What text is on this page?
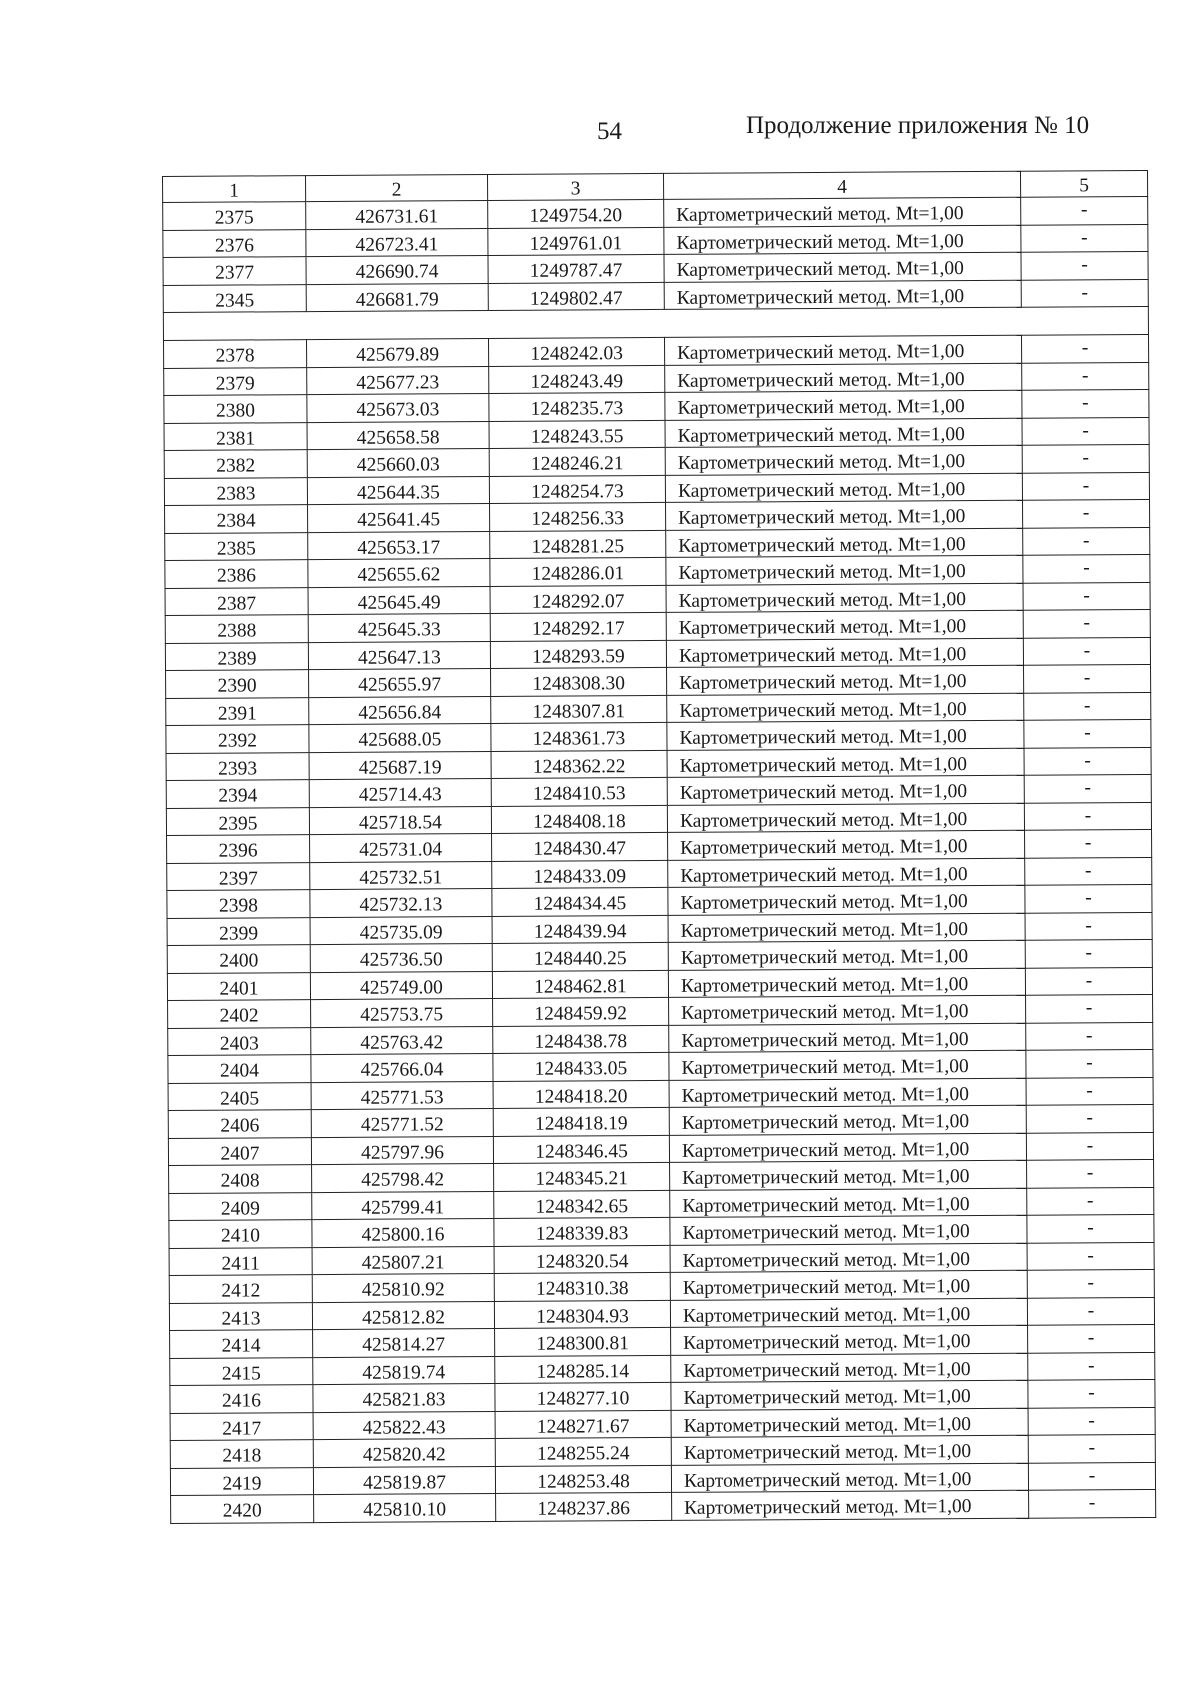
54	Продолжение приложения № 10
1	2	3	4	5
2375	426731.61	1249754.20	Картометрический метод. Mt=1,00	-
2376	426723.41	1249761.01	Картометрический метод. Mt=1,00	-
2377	426690.74	1249787.47	Картометрический метод. Mt=1,00	-
2345	426681.79	1249802.47	Картометрический метод. Mt=1,00	-

2378	425679.89	1248242.03	Картометрический метод. Mt=1,00	-
2379	425677.23	1248243.49	Картометрический метод. Mt=1,00	-
2380	425673.03	1248235.73	Картометрический метод. Mt=1,00	-
2381	425658.58	1248243.55	Картометрический метод. Mt=1,00	-
2382	425660.03	1248246.21	Картометрический метод. Mt=1,00	-
2383	425644.35	1248254.73	Картометрический метод. Mt=1,00	-
2384	425641.45	1248256.33	Картометрический метод. Mt=1,00	-
2385	425653.17	1248281.25	Картометрический метод. Mt=1,00	-
2386	425655.62	1248286.01	Картометрический метод. Mt=1,00	-
2387	425645.49	1248292.07	Картометрический метод. Mt=1,00	-
2388	425645.33	1248292.17	Картометрический метод. Mt=1,00	-
2389	425647.13	1248293.59	Картометрический метод. Mt=1,00	-
2390	425655.97	1248308.30	Картометрический метод. Mt=1,00	-
2391	425656.84	1248307.81	Картометрический метод. Mt=1,00	-
2392	425688.05	1248361.73	Картометрический метод. Mt=1,00	-
2393	425687.19	1248362.22	Картометрический метод. Mt=1,00	-
2394	425714.43	1248410.53	Картометрический метод. Mt=1,00	-
2395	425718.54	1248408.18	Картометрический метод. Mt=1,00	-
2396	425731.04	1248430.47	Картометрический метод. Mt=1,00	-
2397	425732.51	1248433.09	Картометрический метод. Mt=1,00	-
2398	425732.13	1248434.45	Картометрический метод. Mt=1,00	-
2399	425735.09	1248439.94	Картометрический метод. Mt=1,00	-
2400	425736.50	1248440.25	Картометрический метод. Mt=1,00	-
2401	425749.00	1248462.81	Картометрический метод. Mt=1,00	-
2402	425753.75	1248459.92	Картометрический метод. Mt=1,00	-
2403	425763.42	1248438.78	Картометрический метод. Mt=1,00	-
2404	425766.04	1248433.05	Картометрический метод. Mt=1,00	-
2405	425771.53	1248418.20	Картометрический метод. Mt=1,00	-
2406	425771.52	1248418.19	Картометрический метод. Mt=1,00	-
2407	425797.96	1248346.45	Картометрический метод. Mt=1,00	-
2408	425798.42	1248345.21	Картометрический метод. Mt=1,00	-
2409	425799.41	1248342.65	Картометрический метод. Mt=1,00	-
2410	425800.16	1248339.83	Картометрический метод. Mt=1,00	-
2411	425807.21	1248320.54	Картометрический метод. Mt=1,00	-
2412	425810.92	1248310.38	Картометрический метод. Mt=1,00	-
2413	425812.82	1248304.93	Картометрический метод. Mt=1,00	-
2414	425814.27	1248300.81	Картометрический метод. Mt=1,00	-
2415	425819.74	1248285.14	Картометрический метод. Mt=1,00	-
2416	425821.83	1248277.10	Картометрический метод. Mt=1,00	-
2417	425822.43	1248271.67	Картометрический метод. Mt=1,00	-
2418	425820.42	1248255.24	Картометрический метод. Mt=1,00	-
2419	425819.87	1248253.48	Картометрический метод. Mt=1,00	-
2420	425810.10	1248237.86	Картометрический метод. Mt=1,00	-
